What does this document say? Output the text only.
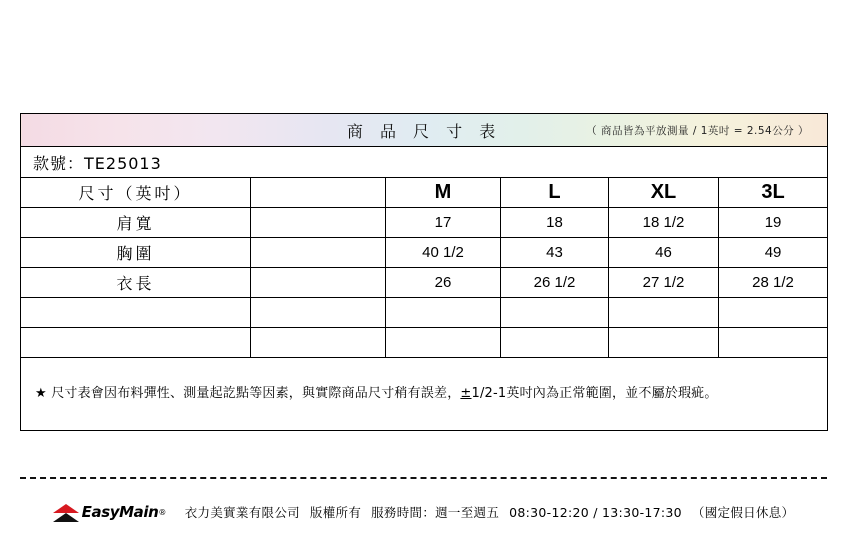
商 品 尺 寸 表 （ 商品皆為平放測量 / 1英吋 = 2.54公分 ）					

款號：TE25013					

尺寸（英吋）		M	L	XL	3L
肩寬		17	18	18 1/2	19
胸圍		40 1/2	43	46	49
衣長		26	26 1/2	27 1/2	28 1/2

★ 尺寸表會因布料彈性、測量起訖點等因素，與實際商品尺寸稍有誤差，±1/2-1英吋內為正常範圍，並不屬於瑕疵。					
EasyMain ® 衣力美實業有限公司 版權所有 服務時間：週一至週五 08:30-12:20 / 13:30-17:30 （國定假日休息）
